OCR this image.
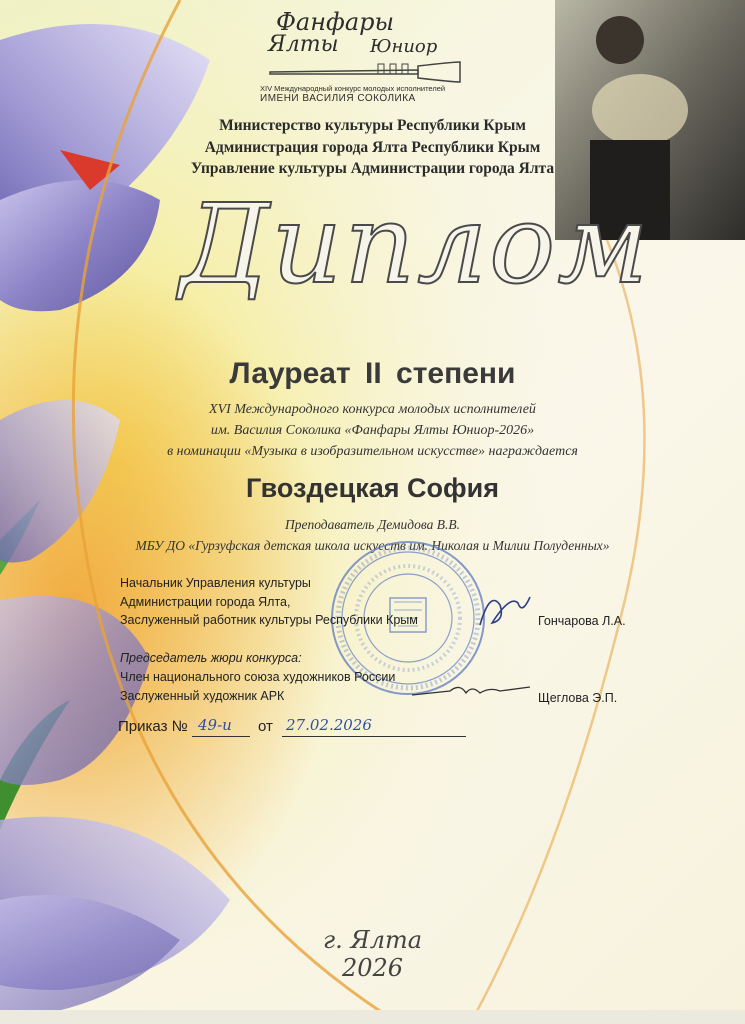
Фанфары
Ялты Юниор
XIV Международный конкурс молодых исполнителей
ИМЕНИ ВАСИЛИЯ СОКОЛИКА
Министерство культуры Республики Крым
Администрация города Ялта Республики Крым
Управление культуры Администрации города Ялта
Диплом
Лауреат II степени
XVI Международного конкурса молодых исполнителей
им. Василия Соколика «Фанфары Ялты Юниор-2026»
в номинации «Музыка в изобразительном искусстве» награждается
Гвоздецкая София
Преподаватель Демидова В.В.
МБУ ДО «Гурзуфская детская школа искусств им. Николая и Милии Полуденных»
Начальник Управления культуры
Администрации города Ялта,
Заслуженный работник культуры Республики Крым	Гончарова Л.А.
Председатель жюри конкурса:
Член национального союза художников России
Заслуженный художник АРК	Щеглова Э.П.
Приказ № 49-и от 27.02.2026
г. Ялта
2026
